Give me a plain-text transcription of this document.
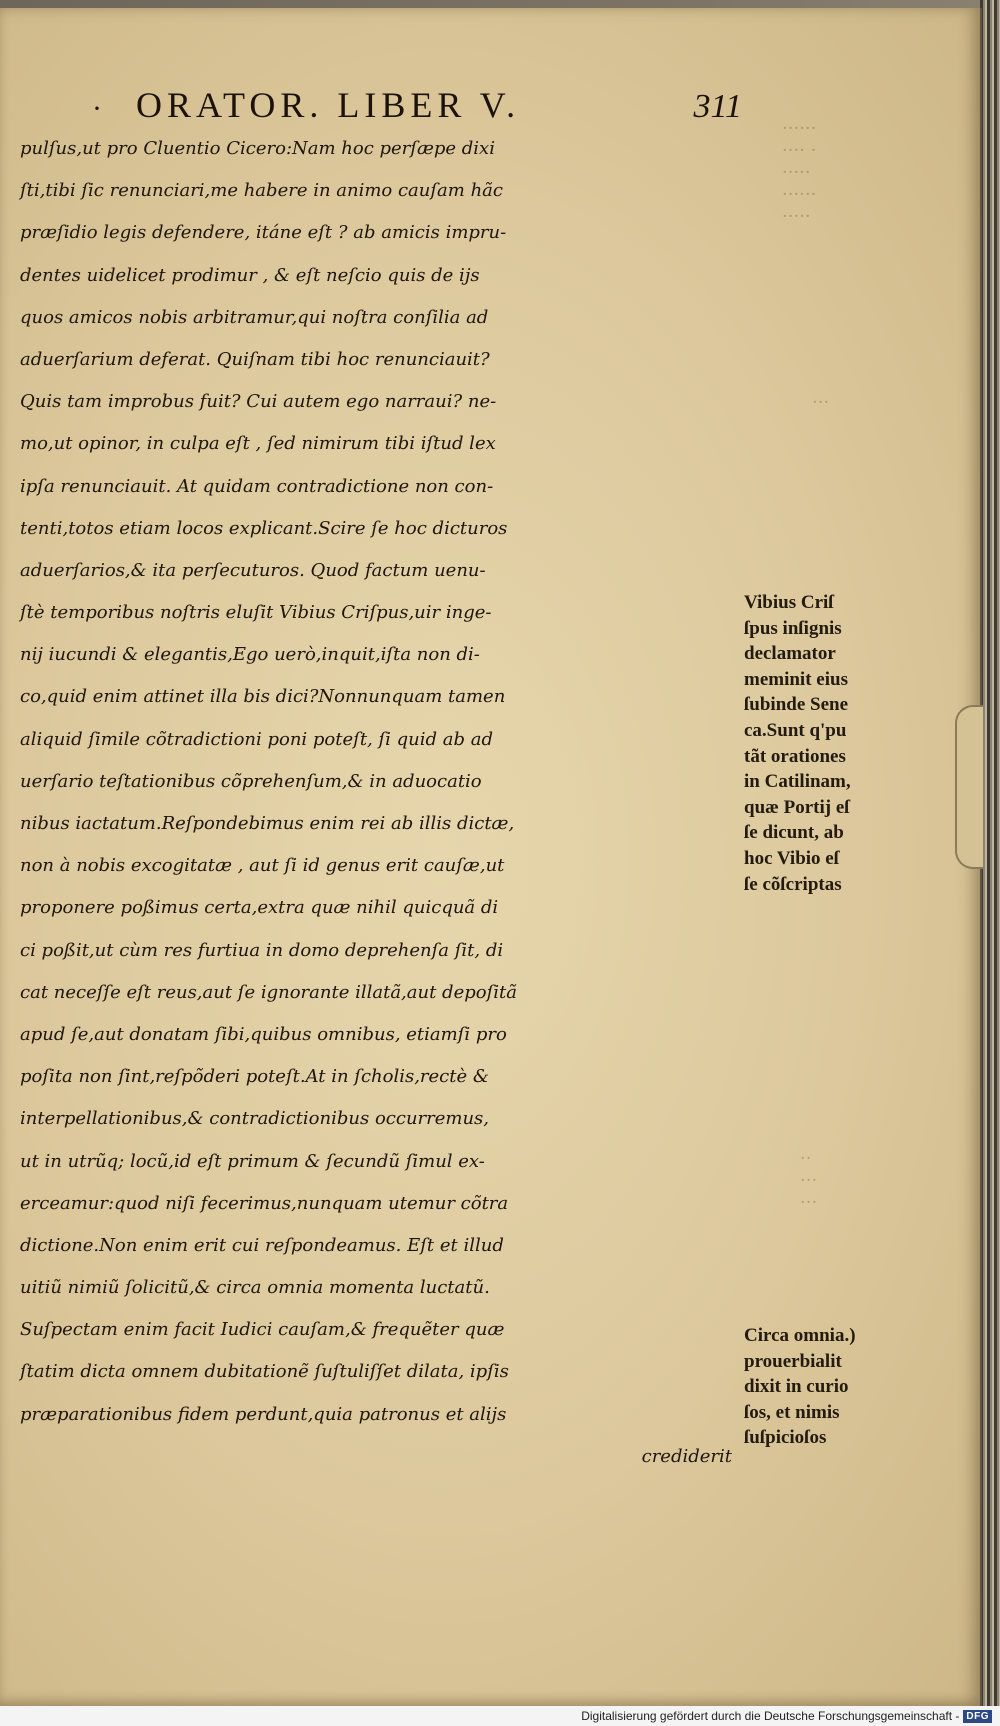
······
···· ·
·····
······
·····
···
··
···
···
· ORATOR. LIBER V.	311
pulſus,ut pro Cluentio Cicero:Nam hoc perſæpe dixi
ſti,tibi ſic renunciari,me habere in animo cauſam hãc
præſidio legis defendere, itáne eſt ? ab amicis impru-
dentes uidelicet prodimur , & eſt neſcio quis de ijs
quos amicos nobis arbitramur,qui noſtra conſilia ad
aduerſarium deferat. Quiſnam tibi hoc renunciauit?
Quis tam improbus fuit? Cui autem ego narraui? ne-
mo,ut opinor, in culpa eſt , ſed nimirum tibi iſtud lex
ipſa renunciauit. At quidam contradictione non con-
tenti,totos etiam locos explicant.Scire ſe hoc dicturos
aduerſarios,& ita perſecuturos. Quod factum uenu-
ſtè temporibus noſtris eluſit Vibius Criſpus,uir inge-
nij iucundi & elegantis,Ego uerò,inquit,iſta non di-
co,quid enim attinet illa bis dici?Nonnunquam tamen
aliquid ſimile cõtradictioni poni poteſt, ſi quid ab ad
uerſario teſtationibus cõprehenſum,& in aduocatio
nibus iactatum.Reſpondebimus enim rei ab illis dictæ,
non à nobis excogitatæ , aut ſi id genus erit cauſæ,ut
proponere poßimus certa,extra quæ nihil quicquã di
ci poßit,ut cùm res furtiua in domo deprehenſa ſit, di
cat neceſſe eſt reus,aut ſe ignorante illatã,aut depoſitã
apud ſe,aut donatam ſibi,quibus omnibus, etiamſi pro
poſita non ſint,reſpõderi poteſt.At in ſcholis,rectè &
interpellationibus,& contradictionibus occurremus,
ut in utrũq; locũ,id eſt primum & ſecundũ ſimul ex-
erceamur:quod niſi fecerimus,nunquam utemur cõtra
dictione.Non enim erit cui reſpondeamus. Eſt et illud
uitiũ nimiũ ſolicitũ,& circa omnia momenta luctatũ.
Suſpectam enim facit Iudici cauſam,& frequẽter quæ
ſtatim dicta omnem dubitationẽ ſuſtuliſſet dilata, ipſis
præparationibus fidem perdunt,quia patronus et alijs
crediderit
Vibius Criſ
ſpus inſignis
declamator
meminit eius
ſubinde Sene
ca.Sunt q'pu
tãt orationes
in Catilinam,
quæ Portij eſ
ſe dicunt, ab
hoc Vibio eſ
ſe cõſcriptas
Circa omnia.)
prouerbialit
dixit in curio
ſos, et nimis
ſuſpicioſos
Digitalisierung gefördert durch die Deutsche Forschungsgemeinschaft - DFG
